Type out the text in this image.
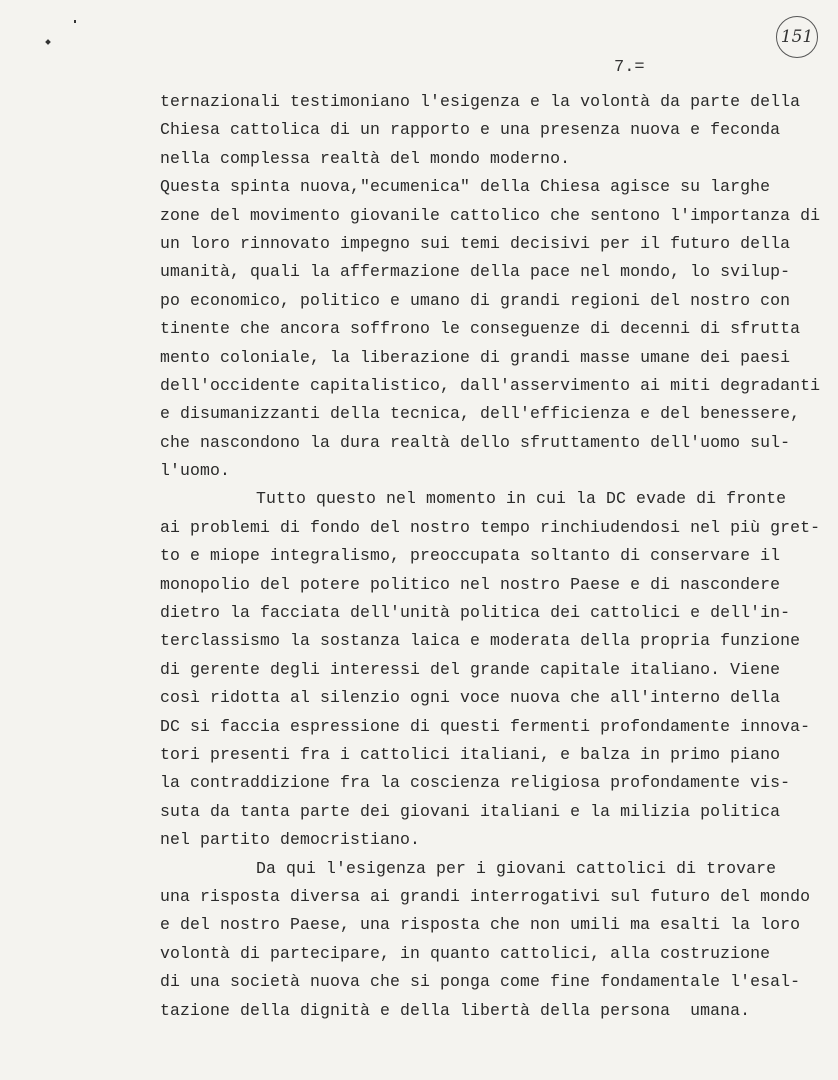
151
7.=
ternazionali testimoniano l'esigenza e la volontà da parte della
Chiesa cattolica di un rapporto e una presenza nuova e feconda
nella complessa realtà del mondo moderno.
Questa spinta nuova,"ecumenica" della Chiesa agisce su larghe
zone del movimento giovanile cattolico che sentono l'importanza di
un loro rinnovato impegno sui temi decisivi per il futuro della
umanità, quali la affermazione della pace nel mondo, lo svilup-
po economico, politico e umano di grandi regioni del nostro con
tinente che ancora soffrono le conseguenze di decenni di sfrutta
mento coloniale, la liberazione di grandi masse umane dei paesi
dell'occidente capitalistico, dall'asservimento ai miti degradanti
e disumanizzanti della tecnica, dell'efficienza e del benessere,
che nascondono la dura realtà dello sfruttamento dell'uomo sul-
l'uomo.
Tutto questo nel momento in cui la DC evade di fronte
ai problemi di fondo del nostro tempo rinchiudendosi nel più gret-
to e miope integralismo, preoccupata soltanto di conservare il
monopolio del potere politico nel nostro Paese e di nascondere
dietro la facciata dell'unità politica dei cattolici e dell'in-
terclassismo la sostanza laica e moderata della propria funzione
di gerente degli interessi del grande capitale italiano. Viene
così ridotta al silenzio ogni voce nuova che all'interno della
DC si faccia espressione di questi fermenti profondamente innova-
tori presenti fra i cattolici italiani, e balza in primo piano
la contraddizione fra la coscienza religiosa profondamente vis-
suta da tanta parte dei giovani italiani e la milizia politica
nel partito democristiano.
Da qui l'esigenza per i giovani cattolici di trovare
una risposta diversa ai grandi interrogativi sul futuro del mondo
e del nostro Paese, una risposta che non umili ma esalti la loro
volontà di partecipare, in quanto cattolici, alla costruzione
di una società nuova che si ponga come fine fondamentale l'esal-
tazione della dignità e della libertà della persona  umana.
